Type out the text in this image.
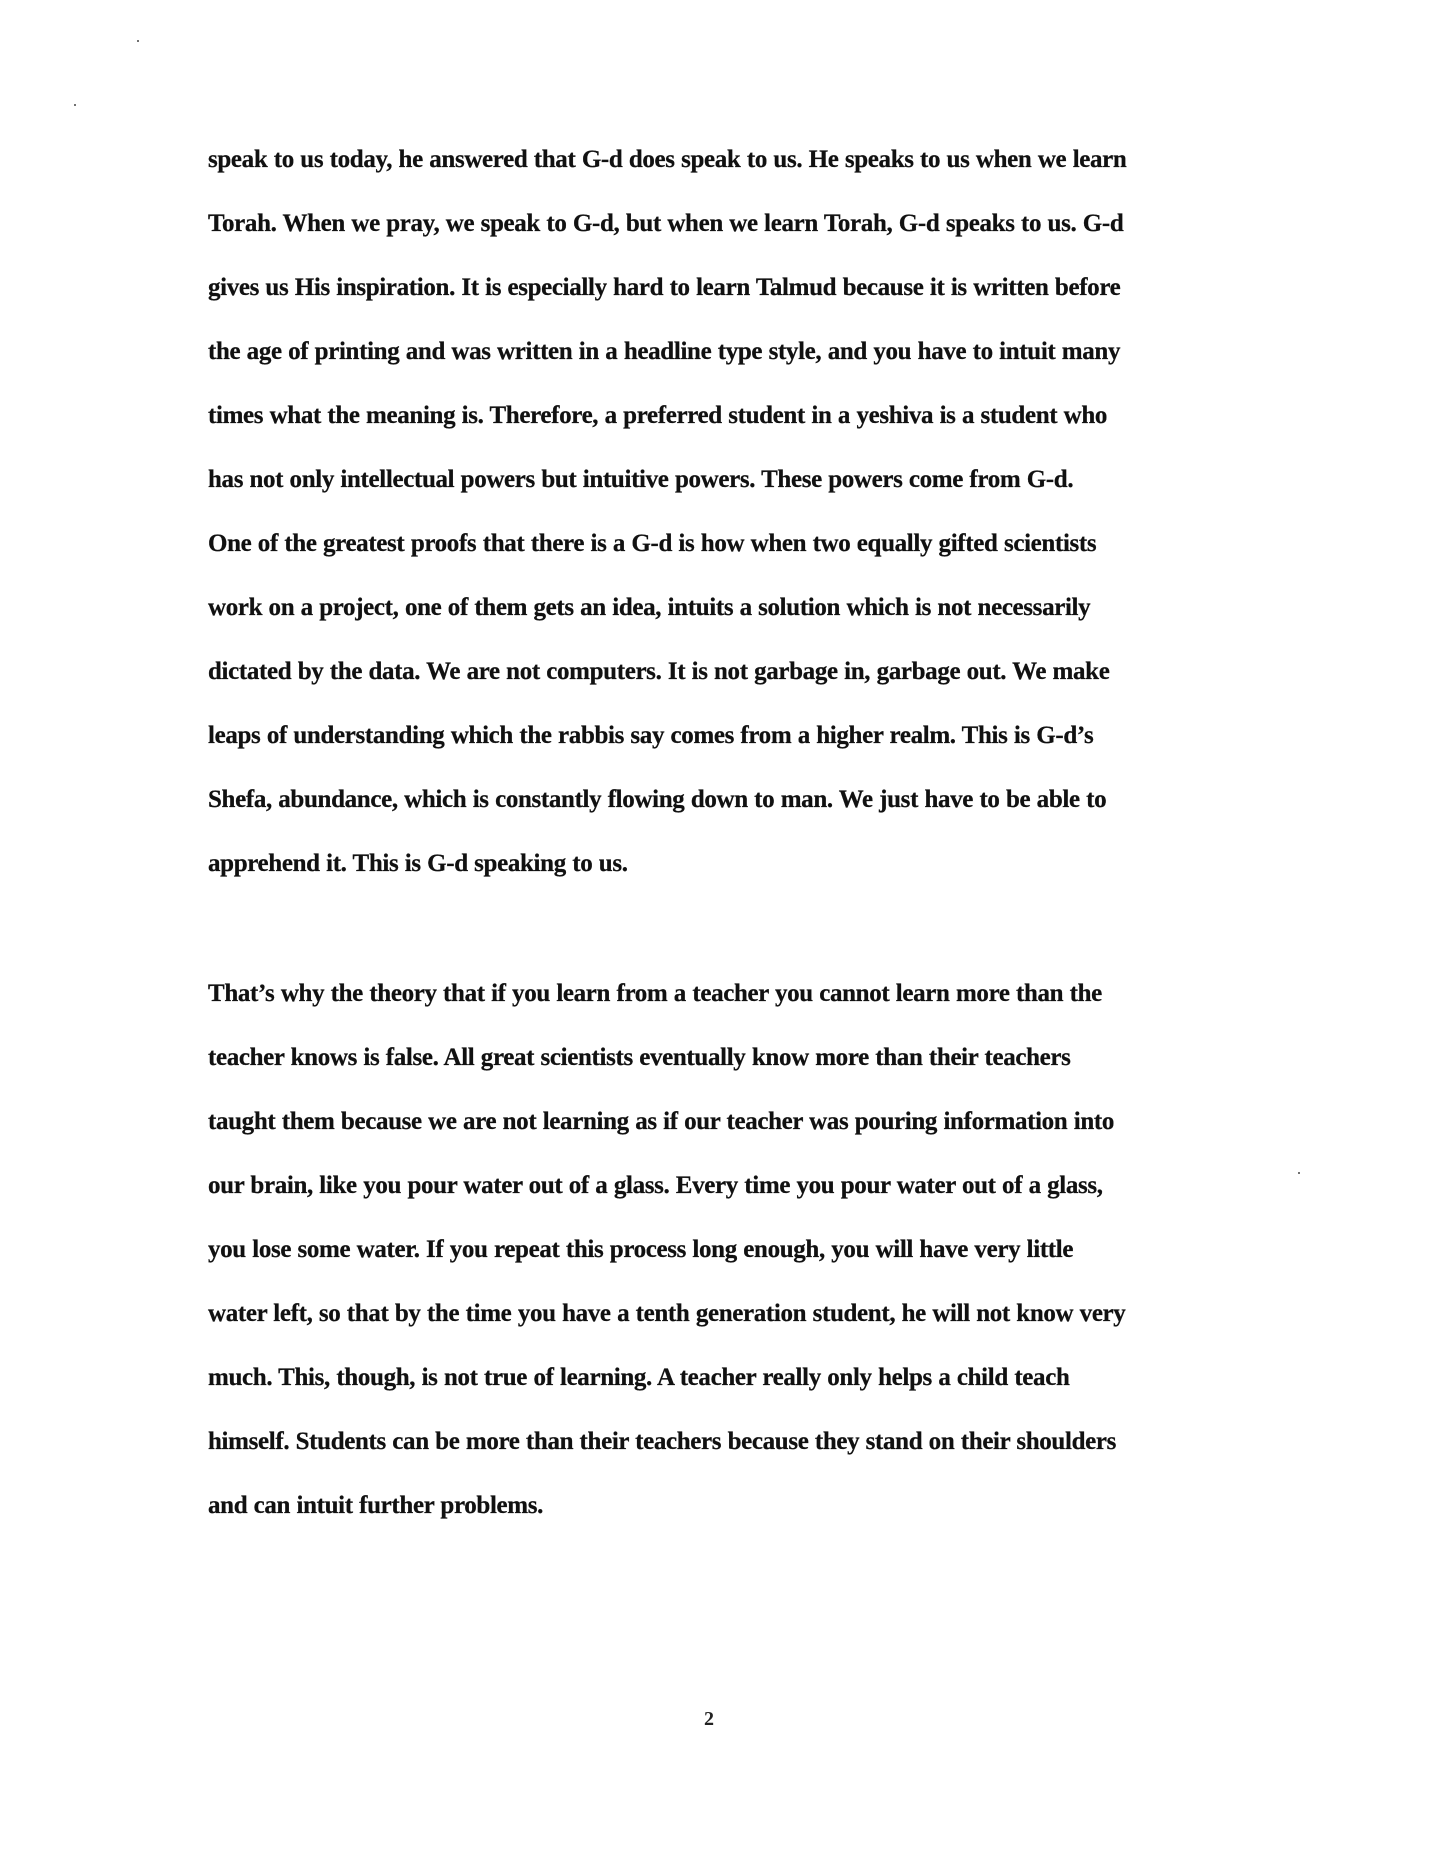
speak to us today, he answered that G-d does speak to us. He speaks to us when we learn
Torah. When we pray, we speak to G-d, but when we learn Torah, G-d speaks to us. G-d
gives us His inspiration. It is especially hard to learn Talmud because it is written before
the age of printing and was written in a headline type style, and you have to intuit many
times what the meaning is. Therefore, a preferred student in a yeshiva is a student who
has not only intellectual powers but intuitive powers. These powers come from G-d.
One of the greatest proofs that there is a G-d is how when two equally gifted scientists
work on a project, one of them gets an idea, intuits a solution which is not necessarily
dictated by the data. We are not computers. It is not garbage in, garbage out. We make
leaps of understanding which the rabbis say comes from a higher realm. This is G-d’s
Shefa, abundance, which is constantly flowing down to man. We just have to be able to
apprehend it. This is G-d speaking to us.
That’s why the theory that if you learn from a teacher you cannot learn more than the
teacher knows is false. All great scientists eventually know more than their teachers
taught them because we are not learning as if our teacher was pouring information into
our brain, like you pour water out of a glass. Every time you pour water out of a glass,
you lose some water. If you repeat this process long enough, you will have very little
water left, so that by the time you have a tenth generation student, he will not know very
much. This, though, is not true of learning. A teacher really only helps a child teach
himself. Students can be more than their teachers because they stand on their shoulders
and can intuit further problems.
2
